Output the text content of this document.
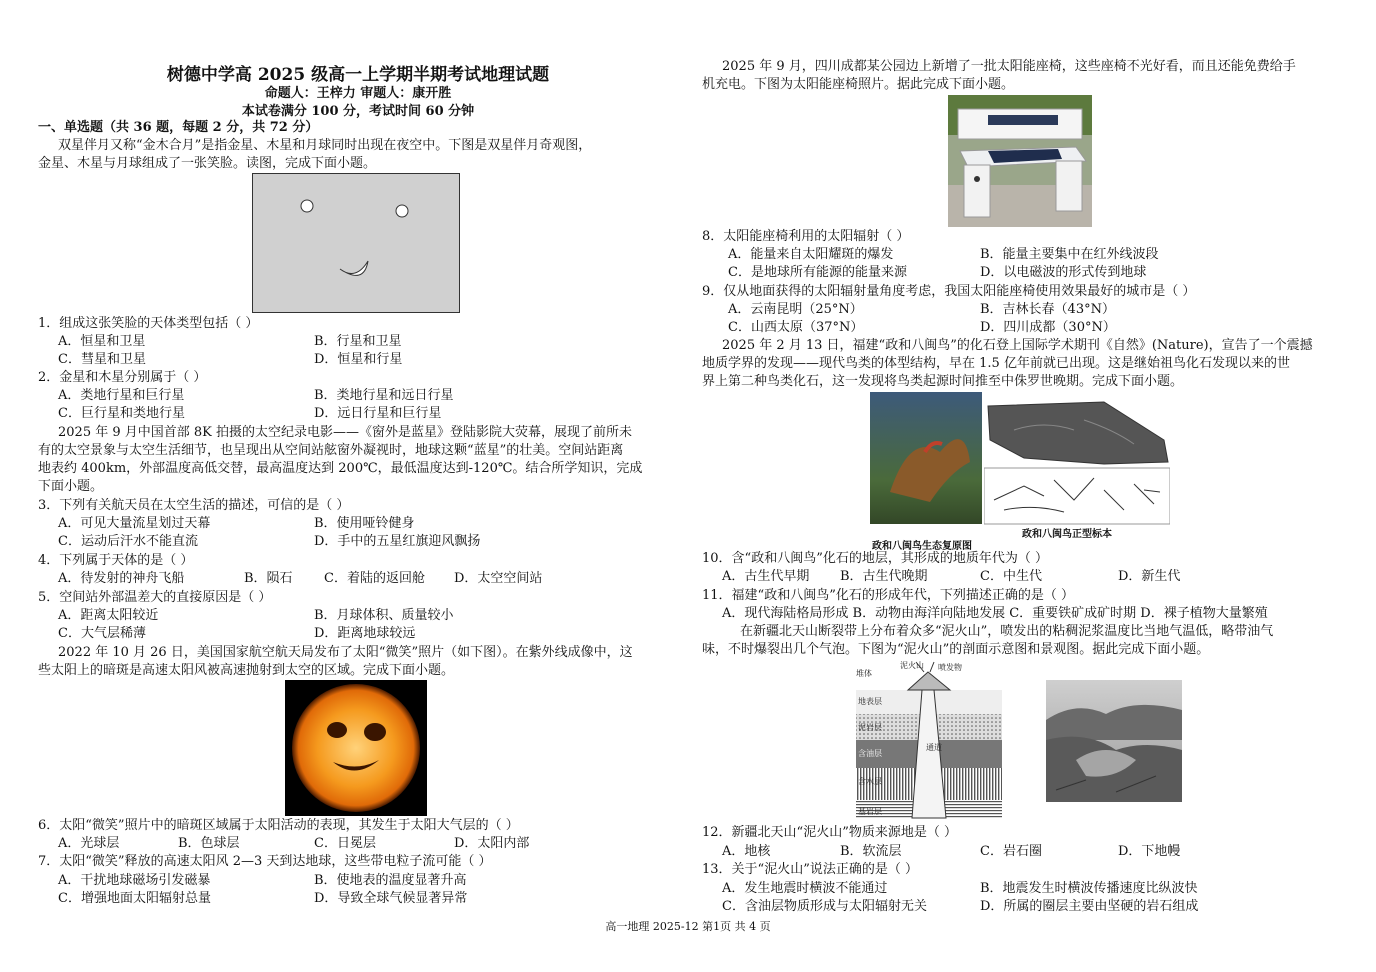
树德中学高 2025 级高一上学期半期考试地理试题
命题人：王梓力 审题人：康开胜
本试卷满分 100 分，考试时间 60 分钟
一、单选题（共 36 题，每题 2 分，共 72 分）
双星伴月又称“金木合月”是指金星、木星和月球同时出现在夜空中。下图是双星伴月奇观图，
金星、木星与月球组成了一张笑脸。读图，完成下面小题。
1．组成这张笑脸的天体类型包括（ ）
A．恒星和卫星	B．行星和卫星
C．彗星和卫星	D．恒星和行星
2．金星和木星分别属于（ ）
A．类地行星和巨行星	B．类地行星和远日行星
C．巨行星和类地行星	D．远日行星和巨行星
2025 年 9 月中国首部 8K 拍摄的太空纪录电影——《窗外是蓝星》登陆影院大荧幕，展现了前所未
有的太空景象与太空生活细节，也呈现出从空间站舷窗外凝视时，地球这颗“蓝星”的壮美。空间站距离
地表约 400km，外部温度高低交替，最高温度达到 200℃，最低温度达到-120℃。结合所学知识，完成
下面小题。
3．下列有关航天员在太空生活的描述，可信的是（ ）
A．可见大量流星划过天幕	B．使用哑铃健身
C．运动后汗水不能直流	D．手中的五星红旗迎风飘扬
4．下列属于天体的是（ ）
A．待发射的神舟飞船	B．陨石 C．着陆的返回舱 D．太空空间站
5．空间站外部温差大的直接原因是（ ）
A．距离太阳较近	B．月球体积、质量较小
C．大气层稀薄	D．距离地球较远
2022 年 10 月 26 日，美国国家航空航天局发布了太阳“微笑”照片（如下图）。在紫外线成像中，这
些太阳上的暗斑是高速太阳风被高速抛射到太空的区域。完成下面小题。
6．太阳“微笑”照片中的暗斑区域属于太阳活动的表现，其发生于太阳大气层的（ ）
A．光球层	B．色球层	C．日冕层	D．太阳内部
7．太阳“微笑”释放的高速太阳风 2—3 天到达地球，这些带电粒子流可能（ ）
A．干扰地球磁场引发磁暴	B．使地表的温度显著升高
C．增强地面太阳辐射总量	D．导致全球气候显著异常
2025 年 9 月，四川成都某公园边上新增了一批太阳能座椅，这些座椅不光好看，而且还能免费给手
机充电。下图为太阳能座椅照片。据此完成下面小题。
8．太阳能座椅利用的太阳辐射（ ）
A．能量来自太阳耀斑的爆发	B．能量主要集中在红外线波段
C．是地球所有能源的能量来源	D．以电磁波的形式传到地球
9．仅从地面获得的太阳辐射量角度考虑，我国太阳能座椅使用效果最好的城市是（ ）
A．云南昆明（25°N）	B．吉林长春（43°N）
C．山西太原（37°N）	D．四川成都（30°N）
2025 年 2 月 13 日，福建“政和八闽鸟”的化石登上国际学术期刊《自然》(Nature)，宣告了一个震撼
地质学界的发现——现代鸟类的体型结构，早在 1.5 亿年前就已出现。这是继始祖鸟化石发现以来的世
界上第二种鸟类化石，这一发现将鸟类起源时间推至中侏罗世晚期。完成下面小题。
政和八闽鸟生态复原图
政和八闽鸟正型标本
10．含“政和八闽鸟”化石的地层，其形成的地质年代为（ ）
A．古生代早期 B．古生代晚期	C．中生代	D．新生代
11．福建“政和八闽鸟”化石的形成年代，下列描述正确的是（ ）
A．现代海陆格局形成 B．动物由海洋向陆地发展 C．重要铁矿成矿时期 D．裸子植物大量繁殖
在新疆北天山断裂带上分布着众多“泥火山”，喷发出的粘稠泥浆温度比当地气温低，略带油气
味，不时爆裂出几个气泡。下图为“泥火山”的剖面示意图和景观图。据此完成下面小题。
堆体
泥火山 喷发物
地表层
泥岩层
含油层
含水层
基岩层
通道
12．新疆北天山“泥火山”物质来源地是（ ）
A．地核	B．软流层	C．岩石圈	D．下地幔
13．关于“泥火山”说法正确的是（ ）
A．发生地震时横波不能通过	B．地震发生时横波传播速度比纵波快
C．含油层物质形成与太阳辐射无关	D．所属的圈层主要由坚硬的岩石组成
高一地理 2025-12 第1页 共 4 页
